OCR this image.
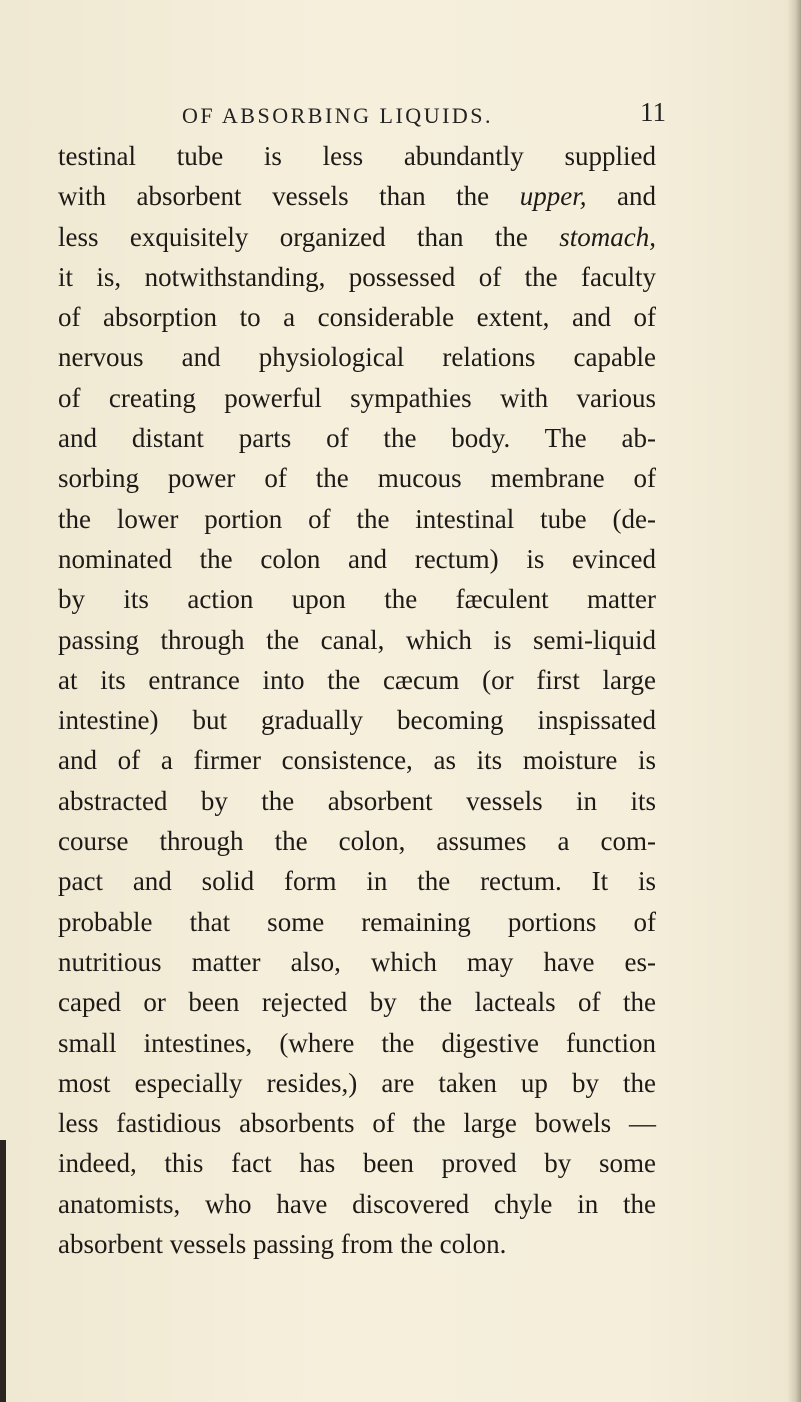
OF ABSORBING LIQUIDS.	11
testinal tube is less abundantly supplied
with absorbent vessels than the upper, and
less exquisitely organized than the stomach,
it is, notwithstanding, possessed of the faculty
of absorption to a considerable extent, and of
nervous and physiological relations capable
of creating powerful sympathies with various
and distant parts of the body. The ab-
sorbing power of the mucous membrane of
the lower portion of the intestinal tube (de-
nominated the colon and rectum) is evinced
by its action upon the fæculent matter
passing through the canal, which is semi-liquid
at its entrance into the cæcum (or first large
intestine) but gradually becoming inspissated
and of a firmer consistence, as its moisture is
abstracted by the absorbent vessels in its
course through the colon, assumes a com-
pact and solid form in the rectum. It is
probable that some remaining portions of
nutritious matter also, which may have es-
caped or been rejected by the lacteals of the
small intestines, (where the digestive function
most especially resides,) are taken up by the
less fastidious absorbents of the large bowels —
indeed, this fact has been proved by some
anatomists, who have discovered chyle in the
absorbent vessels passing from the colon.
